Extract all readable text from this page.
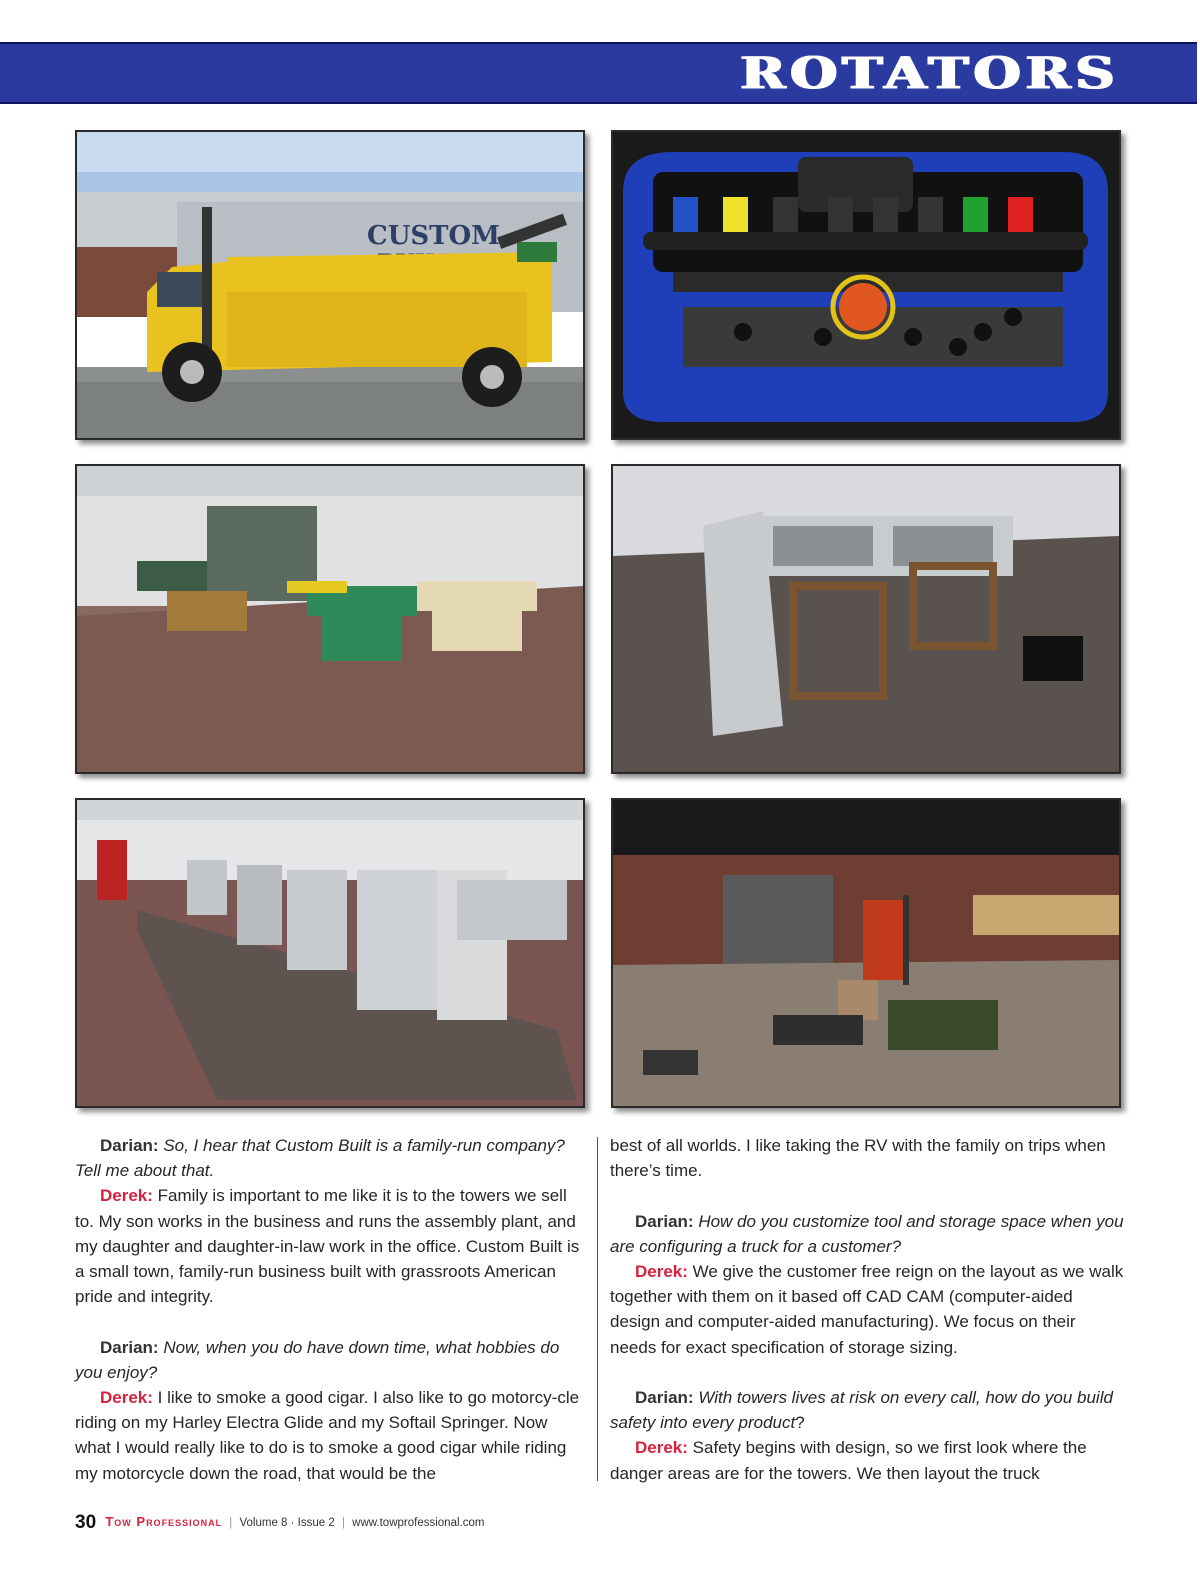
ROTATORS
CUSTOM

Darian: So, I hear that Custom Built is a family-run company? Tell me about that.

Derek: Family is important to me like it is to the towers we sell to. My son works in the business and runs the assembly plant, and my daughter and daughter-in-law work in the office. Custom Built is a small town, family-run business built with grassroots American pride and integrity.

Darian: Now, when you do have down time, what hobbies do you enjoy?

Derek: I like to smoke a good cigar. I also like to go motorcy-cle riding on my Harley Electra Glide and my Softail Springer. Now what I would really like to do is to smoke a good cigar while riding my motorcycle down the road, that would be the

best of all worlds. I like taking the RV with the family on trips when there’s time.

Darian: How do you customize tool and storage space when you are configuring a truck for a customer?

Derek: We give the customer free reign on the layout as we walk together with them on it based off CAD CAM (computer-aided design and computer-aided manufacturing). We focus on their needs for exact specification of storage sizing.

Darian: With towers lives at risk on every call, how do you build safety into every product?

Derek: Safety begins with design, so we first look where the danger areas are for the towers. We then layout the truck

30 Tow Professional | Volume 8 · Issue 2 | www.towprofessional.com
